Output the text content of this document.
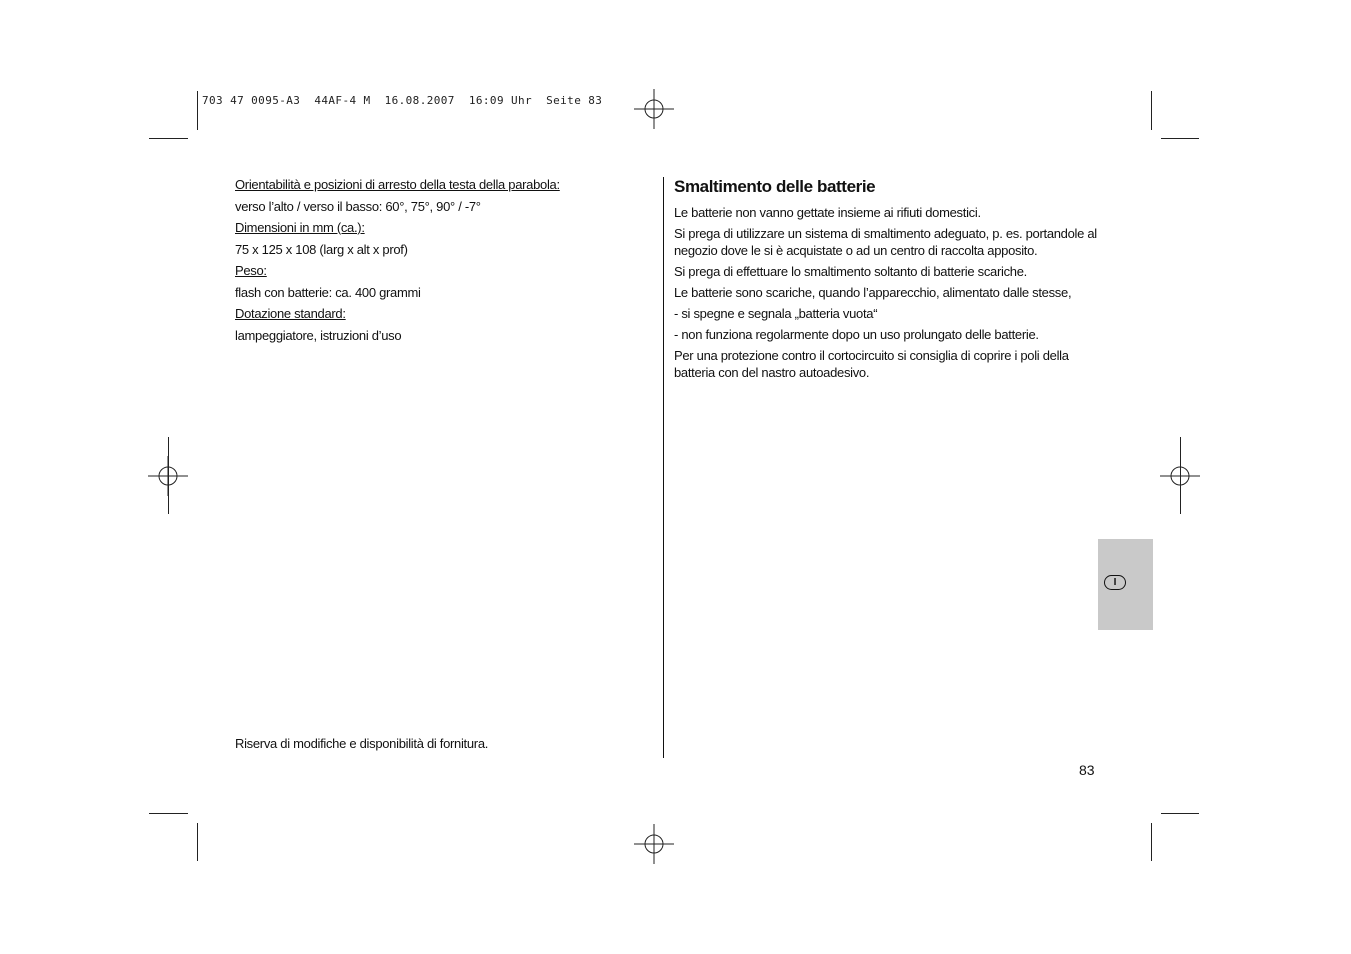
703 47 0095-A3  44AF-4 M  16.08.2007  16:09 Uhr  Seite 83
Orientabilità e posizioni di arresto della testa della parabola:
verso l’alto / verso il basso: 60°, 75°, 90° / -7°
Dimensioni in mm (ca.):
75 x 125 x 108 (larg x alt x prof)
Peso:
flash con batterie: ca. 400 grammi
Dotazione standard:
lampeggiatore, istruzioni d’uso
Riserva di modifiche e disponibilità di fornitura.
Smaltimento delle batterie

Le batterie non vanno gettate insieme ai rifiuti domestici.

Si prega di utilizzare un sistema di smaltimento adeguato, p. es. portandole al negozio dove le si è acquistate o ad un centro di raccolta apposito.

Si prega di effettuare lo smaltimento soltanto di batterie scariche.

Le batterie sono scariche, quando l’apparecchio, alimentato dalle stesse,

- si spegne e segnala „batteria vuota“

- non funziona regolarmente dopo un uso prolungato delle batterie.

Per una protezione contro il cortocircuito si consiglia di coprire i poli della batteria con del nastro autoadesivo.

83
I
